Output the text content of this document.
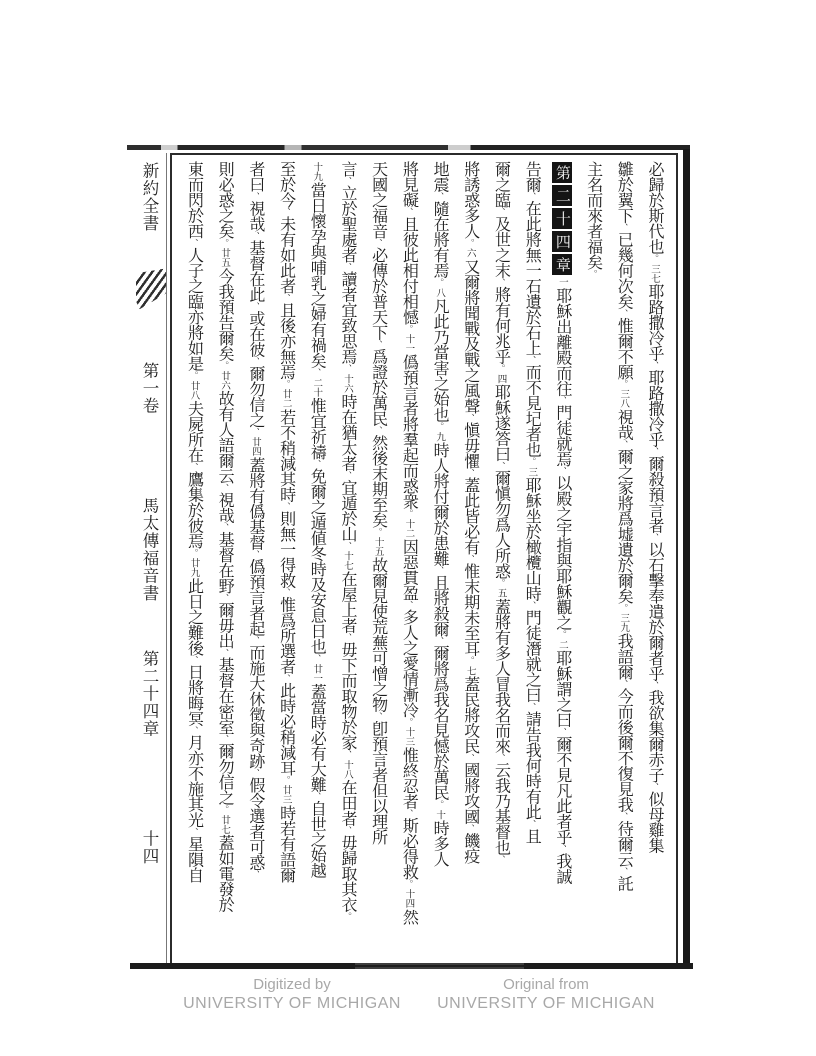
新約全書
第一卷
馬太傳福音書
第二十四章
十四
必歸於斯代也。三七耶路撒冷乎、耶路撒冷乎、爾殺預言者、以石擊奉遣於爾者乎、我欲集爾赤子、似母雞集
雛於翼下、已幾何次矣、惟爾不願。三八視哉、爾之家將爲墟遺於爾矣。三九我語爾、今而後爾不復見我、待爾云、託
主名而來者福矣。
第二十四章一耶穌出離殿而往、門徒就焉、以殿之宇指與耶穌觀之。二耶穌謂之曰、爾不見凡此者乎、我誠
告爾、在此將無一石遺於石上、而不見圮者也。三耶穌坐於橄欖山時、門徒潛就之曰、請告我何時有此、且
爾之臨、及世之末、將有何兆乎。四耶穌遂答曰、爾愼勿爲人所惑。五蓋將有多人冒我名而來、云我乃基督也、
將誘惑多人。六又爾將聞戰及戰之風聲、愼毋懼、蓋此皆必有、惟末期未至耳。七蓋民將攻民、國將攻國、饑疫
地震、隨在將有焉。八凡此乃當害之始也。九時人將付爾於患難、且將殺爾、爾將爲我名見憾於萬民。十時多人
將見礙、且彼此相付相憾。十一僞預言者將羣起而惑衆。十二因惡貫盈、多人之愛情漸冷。十三惟終忍者、斯必得救。十四然
天國之福音、必傳於普天下、爲證於萬民、然後末期至矣。十五故爾見使荒蕪可憎之物、卽預言者但以理所
言、立於聖處者、讀者宜致思焉、十六時在猶太者、宜遁於山、十七在屋上者、毋下而取物於家、十八在田者、毋歸取其衣。
十九當日懷孕與哺乳之婦有禍矣、二十惟宜祈禱、免爾之遁値冬時及安息日也、廿一蓋當時必有大難、自世之始越
至於今、未有如此者、且後亦無焉。廿二若不稍減其時、則無一得救、惟爲所選者、此時必稍減耳。廿三時若有語爾
者曰、視哉、基督在此、或在彼、爾勿信之、廿四蓋將有僞基督、僞預言者起、而施大休徵與奇跡、假令選者可惑、
則必惑之矣。廿五今我預告爾矣。廿六故有人語爾云、視哉、基督在野、爾毋出、基督在密室、爾勿信之。廿七蓋如電發於
東而閃於西、人子之臨亦將如是。廿八夫屍所在、鷹集於彼焉。廿九此日之難後、日將晦冥、月亦不施其光、星隕自
Digitized by
UNIVERSITY OF MICHIGAN
Original from
UNIVERSITY OF MICHIGAN
